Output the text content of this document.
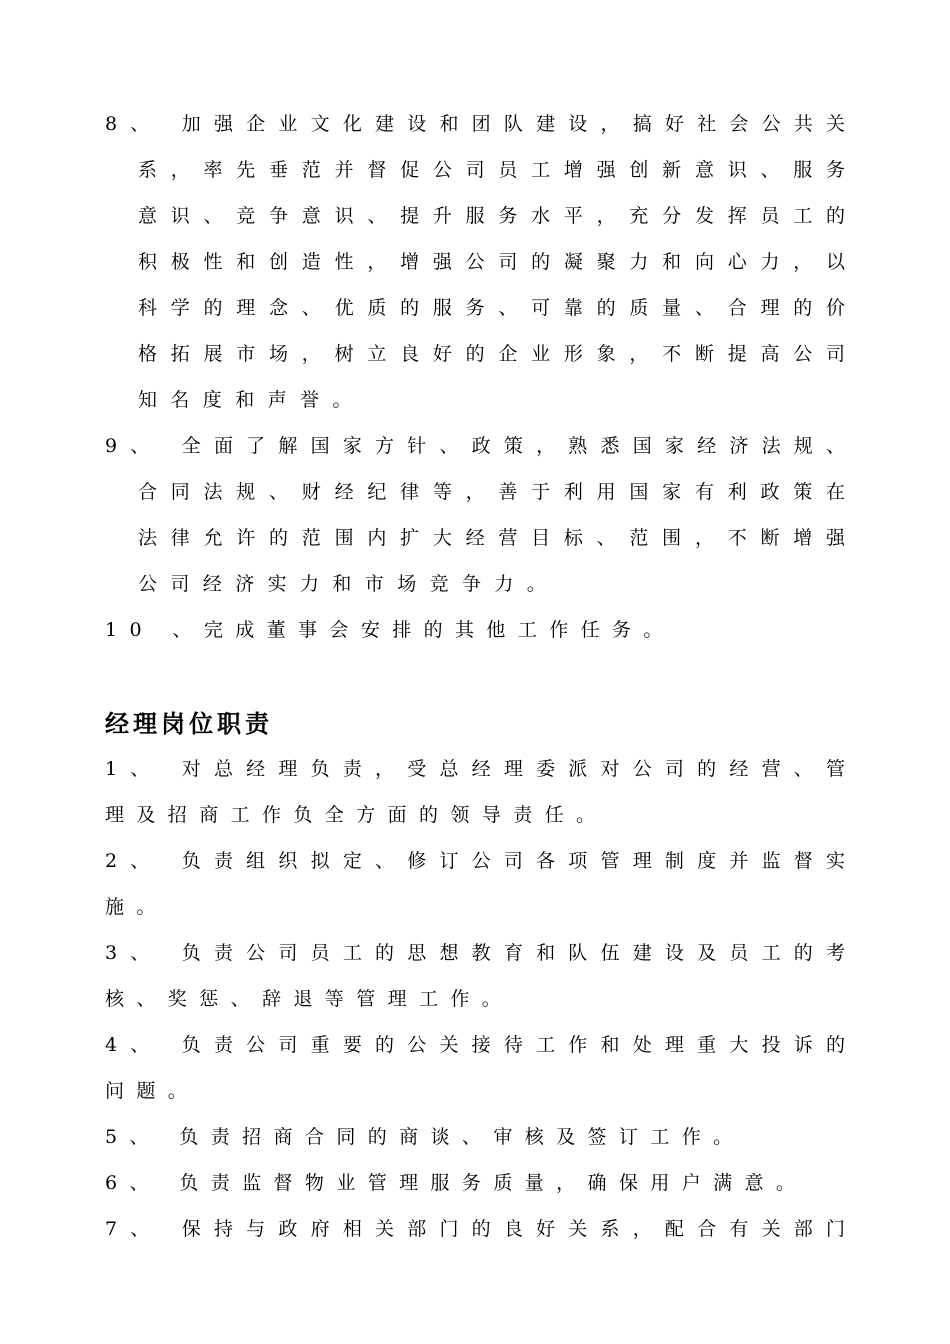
8、 加强企业文化建设和团队建设，搞好社会公共关
系，率先垂范并督促公司员工增强创新意识、服务
意识、竞争意识、提升服务水平，充分发挥员工的
积极性和创造性，增强公司的凝聚力和向心力，以
科学的理念、优质的服务、可靠的质量、合理的价
格拓展市场，树立良好的企业形象，不断提高公司
知名度和声誉。
9、 全面了解国家方针、政策，熟悉国家经济法规、
合同法规、财经纪律等，善于利用国家有利政策在
法律允许的范围内扩大经营目标、范围，不断增强
公司经济实力和市场竞争力。
10 、完成董事会安排的其他工作任务。
经理岗位职责
1、 对总经理负责，受总经理委派对公司的经营、管
理及招商工作负全方面的领导责任。
2、 负责组织拟定、修订公司各项管理制度并监督实
施。
3、 负责公司员工的思想教育和队伍建设及员工的考
核、奖惩、辞退等管理工作。
4、 负责公司重要的公关接待工作和处理重大投诉的
问题。
5、 负责招商合同的商谈、审核及签订工作。
6、 负责监督物业管理服务质量，确保用户满意。
7、 保持与政府相关部门的良好关系，配合有关部门
